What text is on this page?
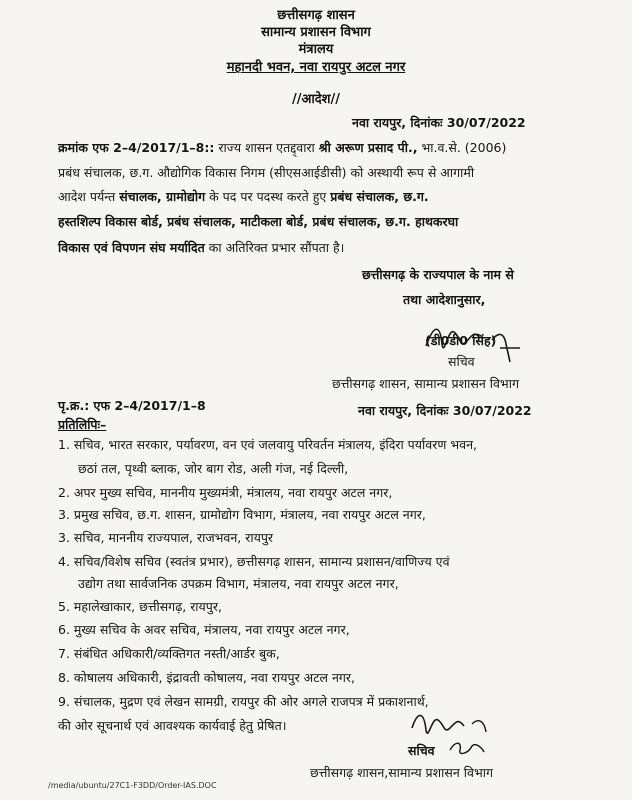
छत्तीसगढ़ शासन
सामान्य प्रशासन विभाग
मंत्रालय
महानदी भवन, नवा रायपुर अटल नगर
//आदेश//
नवा रायपुर, दिनांकः 30/07/2022
क्रमांक एफ 2–4/2017/1–8:: राज्य शासन एतद्द्वारा श्री अरूण प्रसाद पी., भा.व.से. (2006)
प्रबंध संचालक, छ.ग. औद्योगिक विकास निगम (सीएसआईडीसी) को अस्थायी रूप से आगामी
आदेश पर्यन्त संचालक, ग्रामोद्योग के पद पर पदस्थ करते हुए प्रबंध संचालक, छ.ग.
हस्तशिल्प विकास बोर्ड, प्रबंध संचालक, माटीकला बोर्ड, प्रबंध संचालक, छ.ग. हाथकरघा
विकास एवं विपणन संघ मर्यादित का अतिरिक्त प्रभार सौंपता है।
छत्तीसगढ़ के राज्यपाल के नाम से
तथा आदेशानुसार,
(डी0डी0 सिंह)
सचिव
छत्तीसगढ़ शासन, सामान्य प्रशासन विभाग
पृ.क्र.: एफ 2–4/2017/1–8	नवा रायपुर, दिनांकः 30/07/2022
प्रतिलिपिः–
1. सचिव, भारत सरकार, पर्यावरण, वन एवं जलवायु परिवर्तन मंत्रालय, इंदिरा पर्यावरण भवन,
छठां तल, पृथ्वी ब्लाक, जोर बाग रोड, अली गंज, नई दिल्ली,
2. अपर मुख्य सचिव, माननीय मुख्यमंत्री, मंत्रालय, नवा रायपुर अटल नगर,
3. प्रमुख सचिव, छ.ग. शासन, ग्रामोद्योग विभाग, मंत्रालय, नवा रायपुर अटल नगर,
3. सचिव, माननीय राज्यपाल, राजभवन, रायपुर
4. सचिव/विशेष सचिव (स्वतंत्र प्रभार), छत्तीसगढ़ शासन, सामान्य प्रशासन/वाणिज्य एवं
उद्योग तथा सार्वजनिक उपक्रम विभाग, मंत्रालय, नवा रायपुर अटल नगर,
5. महालेखाकार, छत्तीसगढ़, रायपुर,
6. मुख्य सचिव के अवर सचिव, मंत्रालय, नवा रायपुर अटल नगर,
7. संबंधित अधिकारी/व्यक्तिगत नस्ती/आर्डर बुक,
8. कोषालय अधिकारी, इंद्रावती कोषालय, नवा रायपुर अटल नगर,
9. संचालक, मुद्रण एवं लेखन सामग्री, रायपुर की ओर अगले राजपत्र में प्रकाशनार्थ,
की ओर सूचनार्थ एवं आवश्यक कार्यवाई हेतु प्रेषित।
सचिव
छत्तीसगढ़ शासन,सामान्य प्रशासन विभाग
/media/ubuntu/27C1-F3DD/Order-IAS.DOC
